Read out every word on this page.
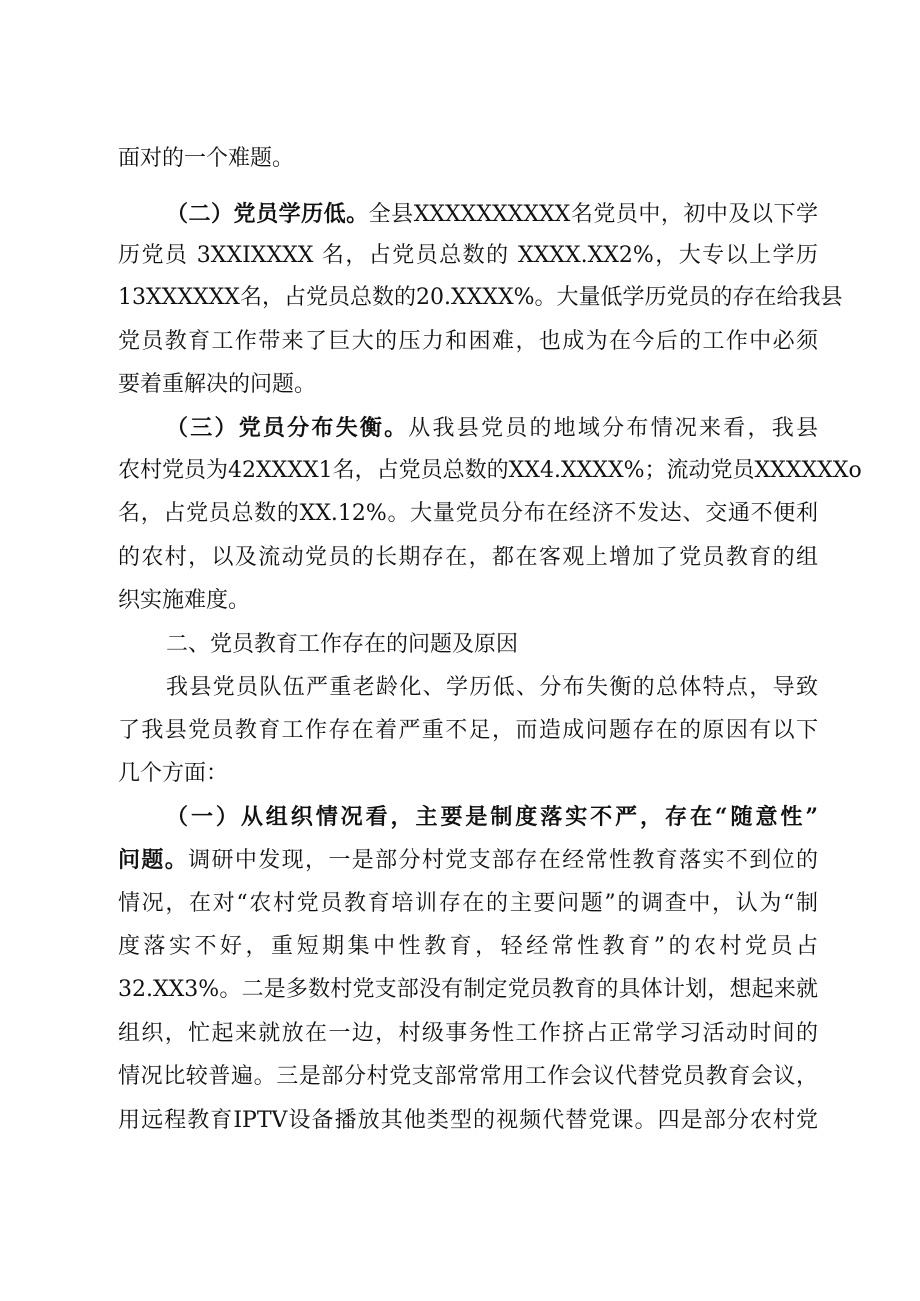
面对的一个难题。
（二）党员学历低。全县XXXXXXXXXX名党员中，初中及以下学
历党员 3XXIXXXX 名，占党员总数的 XXXX.XX2%，大专以上学历
13XXXXXX名，占党员总数的20.XXXX%。大量低学历党员的存在给我县
党员教育工作带来了巨大的压力和困难，也成为在今后的工作中必须
要着重解决的问题。
（三）党员分布失衡。从我县党员的地域分布情况来看，我县
农村党员为42XXXX1名，占党员总数的XX4.XXXX%；流动党员XXXXXXo
名，占党员总数的XX.12%。大量党员分布在经济不发达、交通不便利
的农村，以及流动党员的长期存在，都在客观上增加了党员教育的组
织实施难度。
二、党员教育工作存在的问题及原因
我县党员队伍严重老龄化、学历低、分布失衡的总体特点，导致
了我县党员教育工作存在着严重不足，而造成问题存在的原因有以下
几个方面：
（一）从组织情况看，主要是制度落实不严，存在“随意性”
问题。调研中发现，一是部分村党支部存在经常性教育落实不到位的
情况，在对“农村党员教育培训存在的主要问题”的调查中，认为“制
度落实不好，重短期集中性教育，轻经常性教育”的农村党员占
32.XX3%。二是多数村党支部没有制定党员教育的具体计划，想起来就
组织，忙起来就放在一边，村级事务性工作挤占正常学习活动时间的
情况比较普遍。三是部分村党支部常常用工作会议代替党员教育会议，
用远程教育IPTV设备播放其他类型的视频代替党课。四是部分农村党
